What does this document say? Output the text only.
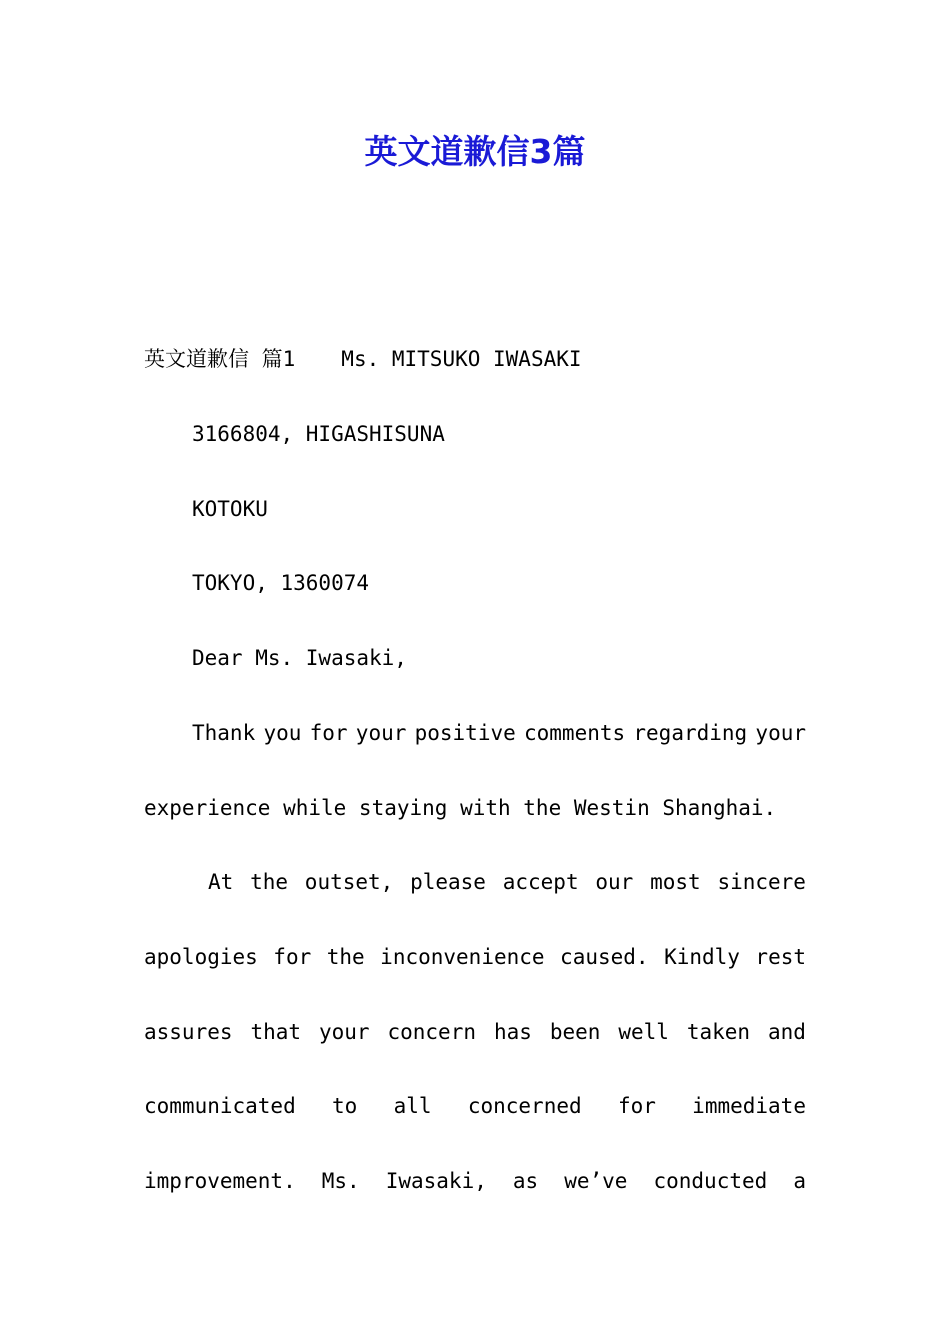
英文道歉信3篇
英文道歉信 篇1 Ms. MITSUKO IWASAKI
3166804, HIGASHISUNA
KOTOKU
TOKYO, 1360074
Dear Ms. Iwasaki,
Thank you for your positive comments regarding your
experience while staying with the Westin Shanghai.
At the outset, please accept our most sincere
apologies for the inconvenience caused. Kindly rest
assures that your concern has been well taken and
communicated to all concerned for immediate
improvement. Ms. Iwasaki, as we’ve conducted a
